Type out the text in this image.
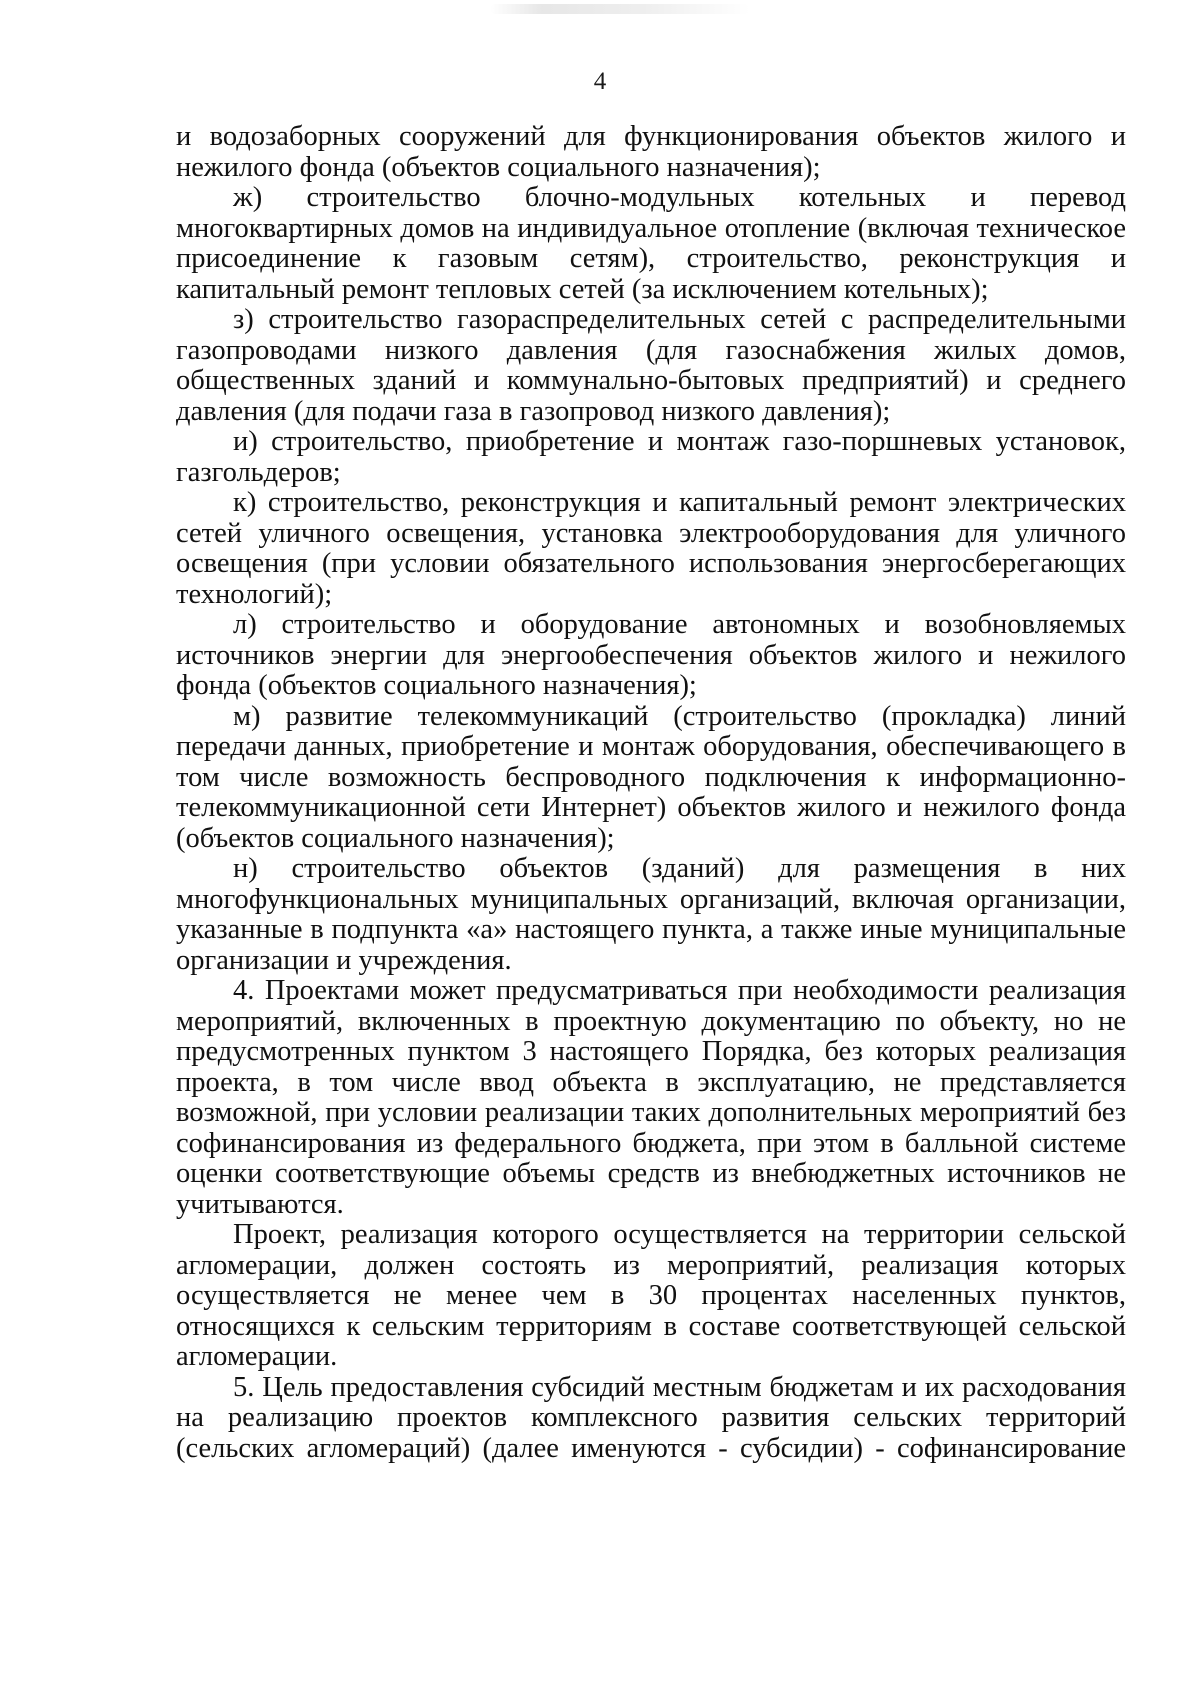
4

и водозаборных сооружений для функционирования объектов жилого и нежилого фонда (объектов социального назначения);

ж) строительство блочно-модульных котельных и перевод многоквартирных домов на индивидуальное отопление (включая техническое присоединение к газовым сетям), строительство, реконструкция и капитальный ремонт тепловых сетей (за исключением котельных);

з) строительство газораспределительных сетей с распределительными газопроводами низкого давления (для газоснабжения жилых домов, общественных зданий и коммунально-бытовых предприятий) и среднего давления (для подачи газа в газопровод низкого давления);

и) строительство, приобретение и монтаж газо-поршневых установок, газгольдеров;

к) строительство, реконструкция и капитальный ремонт электрических сетей уличного освещения, установка электрооборудования для уличного освещения (при условии обязательного использования энергосберегающих технологий);

л) строительство и оборудование автономных и возобновляемых источников энергии для энергообеспечения объектов жилого и нежилого фонда (объектов социального назначения);

м) развитие телекоммуникаций (строительство (прокладка) линий передачи данных, приобретение и монтаж оборудования, обеспечивающего в том числе возможность беспроводного подключения к информационно-телекоммуникационной сети Интернет) объектов жилого и нежилого фонда (объектов социального назначения);

н) строительство объектов (зданий) для размещения в них многофункциональных муниципальных организаций, включая организации, указанные в подпункта «а» настоящего пункта, а также иные муниципальные организации и учреждения.

4. Проектами может предусматриваться при необходимости реализация мероприятий, включенных в проектную документацию по объекту, но не предусмотренных пунктом 3 настоящего Порядка, без которых реализация проекта, в том числе ввод объекта в эксплуатацию, не представляется возможной, при условии реализации таких дополнительных мероприятий без софинансирования из федерального бюджета, при этом в балльной системе оценки соответствующие объемы средств из внебюджетных источников не учитываются.

Проект, реализация которого осуществляется на территории сельской агломерации, должен состоять из мероприятий, реализация которых осуществляется не менее чем в 30 процентах населенных пунктов, относящихся к сельским территориям в составе соответствующей сельской агломерации.

5. Цель предоставления субсидий местным бюджетам и их расходования на реализацию проектов комплексного развития сельских территорий (сельских агломераций) (далее именуются - субсидии) - софинансирование
